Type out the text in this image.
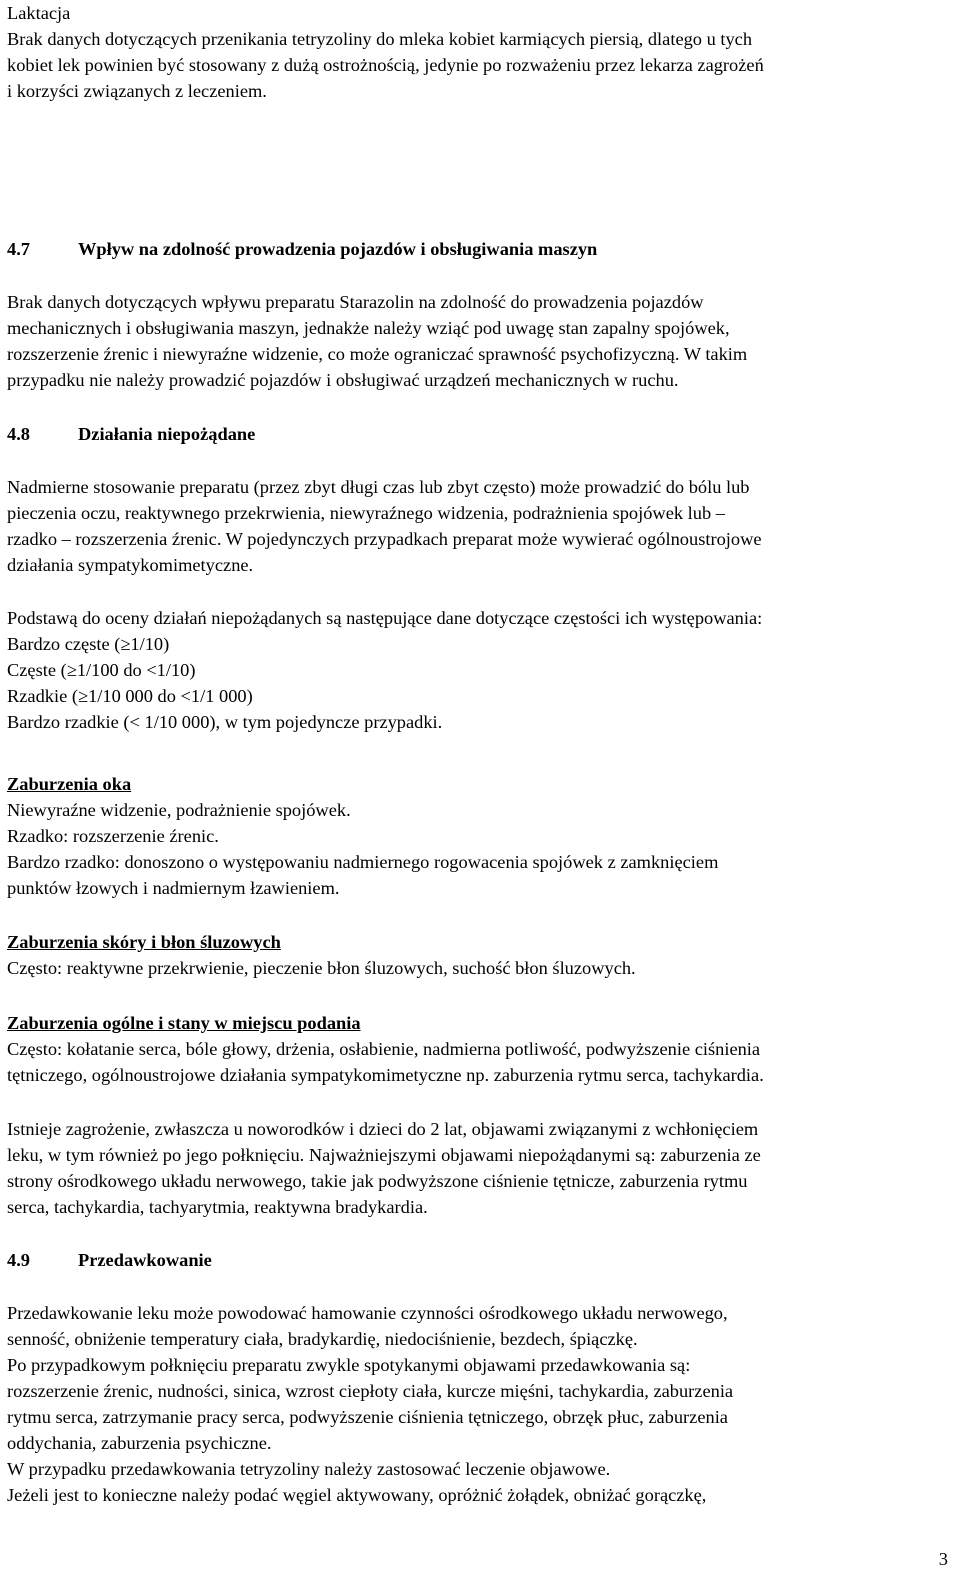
Laktacja
Brak danych dotyczących przenikania tetryzoliny do mleka kobiet karmiących piersią, dlatego u tych
kobiet lek powinien być stosowany z dużą ostrożnością, jedynie po rozważeniu przez lekarza zagrożeń
i korzyści związanych z leczeniem.
4.7	Wpływ na zdolność prowadzenia pojazdów i obsługiwania maszyn
Brak danych dotyczących wpływu preparatu Starazolin na zdolność do prowadzenia pojazdów
mechanicznych i obsługiwania maszyn, jednakże należy wziąć pod uwagę stan zapalny spojówek,
rozszerzenie źrenic i niewyraźne widzenie, co może ograniczać sprawność psychofizyczną. W takim
przypadku nie należy prowadzić pojazdów i obsługiwać urządzeń mechanicznych w ruchu.
4.8	Działania niepożądane
Nadmierne stosowanie preparatu (przez zbyt długi czas lub zbyt często) może prowadzić do bólu lub
pieczenia oczu, reaktywnego przekrwienia, niewyraźnego widzenia, podrażnienia spojówek lub –
rzadko – rozszerzenia źrenic. W pojedynczych przypadkach preparat może wywierać ogólnoustrojowe
działania sympatykomimetyczne.
Podstawą do oceny działań niepożądanych są następujące dane dotyczące częstości ich występowania:
Bardzo częste (≥1/10)
Częste (≥1/100 do <1/10)
Rzadkie (≥1/10 000 do <1/1 000)
Bardzo rzadkie (< 1/10 000), w tym pojedyncze przypadki.
Zaburzenia oka
Niewyraźne widzenie, podrażnienie spojówek.
Rzadko: rozszerzenie źrenic.
Bardzo rzadko: donoszono o występowaniu nadmiernego rogowacenia spojówek z zamknięciem
punktów łzowych i nadmiernym łzawieniem.
Zaburzenia skóry i błon śluzowych
Często: reaktywne przekrwienie, pieczenie błon śluzowych, suchość błon śluzowych.
Zaburzenia ogólne i stany w miejscu podania
Często: kołatanie serca, bóle głowy, drżenia, osłabienie, nadmierna potliwość, podwyższenie ciśnienia
tętniczego, ogólnoustrojowe działania sympatykomimetyczne np. zaburzenia rytmu serca, tachykardia.
Istnieje zagrożenie, zwłaszcza u noworodków i dzieci do 2 lat, objawami związanymi z wchłonięciem
leku, w tym również po jego połknięciu. Najważniejszymi objawami niepożądanymi są: zaburzenia ze
strony ośrodkowego układu nerwowego, takie jak podwyższone ciśnienie tętnicze, zaburzenia rytmu
serca, tachykardia, tachyarytmia, reaktywna bradykardia.
4.9	Przedawkowanie
Przedawkowanie leku może powodować hamowanie czynności ośrodkowego układu nerwowego,
senność, obniżenie temperatury ciała, bradykardię, niedociśnienie, bezdech, śpiączkę.
Po przypadkowym połknięciu preparatu zwykle spotykanymi objawami przedawkowania są:
rozszerzenie źrenic, nudności, sinica, wzrost ciepłoty ciała, kurcze mięśni, tachykardia, zaburzenia
rytmu serca, zatrzymanie pracy serca, podwyższenie ciśnienia tętniczego, obrzęk płuc, zaburzenia
oddychania, zaburzenia psychiczne.
W przypadku przedawkowania tetryzoliny należy zastosować leczenie objawowe.
Jeżeli jest to konieczne należy podać węgiel aktywowany, opróżnić żołądek, obniżać gorączkę,
3
